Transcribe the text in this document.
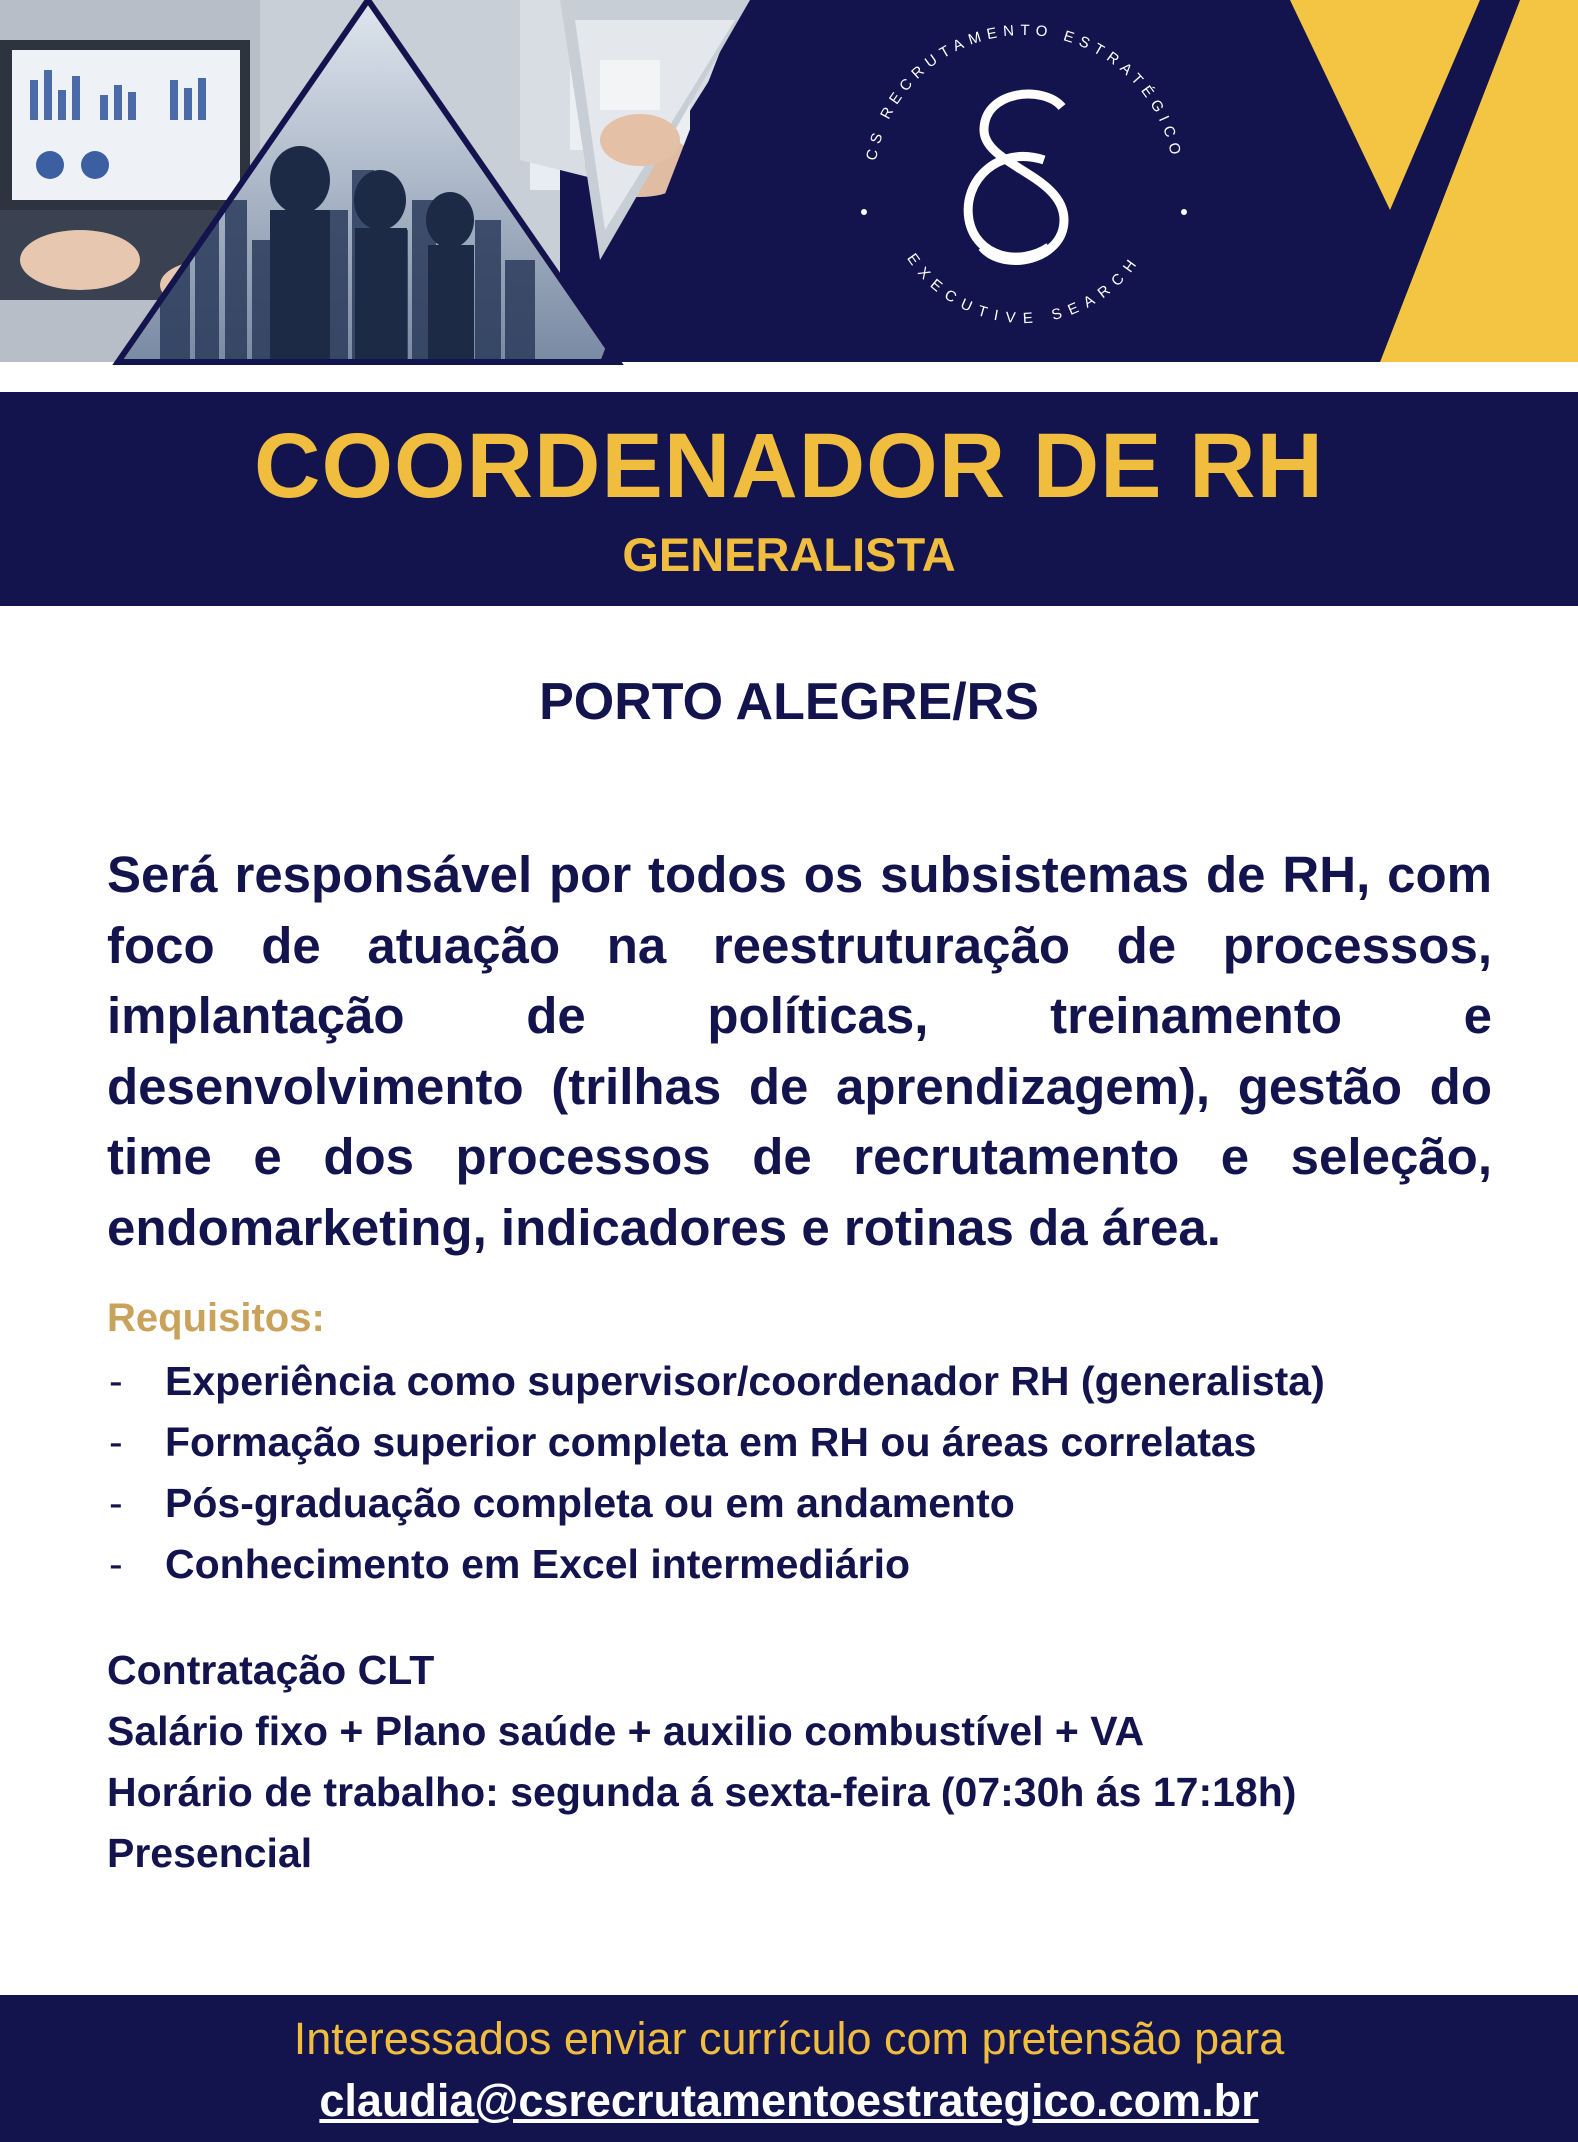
CS RECRUTAMENTO ESTRATÉGICO
EXECUTIVE SEARCH
COORDENADOR DE RH
GENERALISTA
PORTO ALEGRE/RS

Será responsável por todos os subsistemas de RH, com foco de atuação na reestruturação de processos, implantação de políticas, treinamento e desenvolvimento (trilhas de aprendizagem), gestão do time e dos processos de recrutamento e seleção, endomarketing, indicadores e rotinas da área.

Requisitos:
- Experiência como supervisor/coordenador RH (generalista)
- Formação superior completa em RH ou áreas correlatas
- Pós-graduação completa ou em andamento
- Conhecimento em Excel intermediário
Contratação CLT
Salário fixo + Plano saúde + auxilio combustível + VA
Horário de trabalho: segunda á sexta-feira (07:30h ás 17:18h)
Presencial
Interessados enviar currículo com pretensão para
claudia@csrecrutamentoestrategico.com.br
